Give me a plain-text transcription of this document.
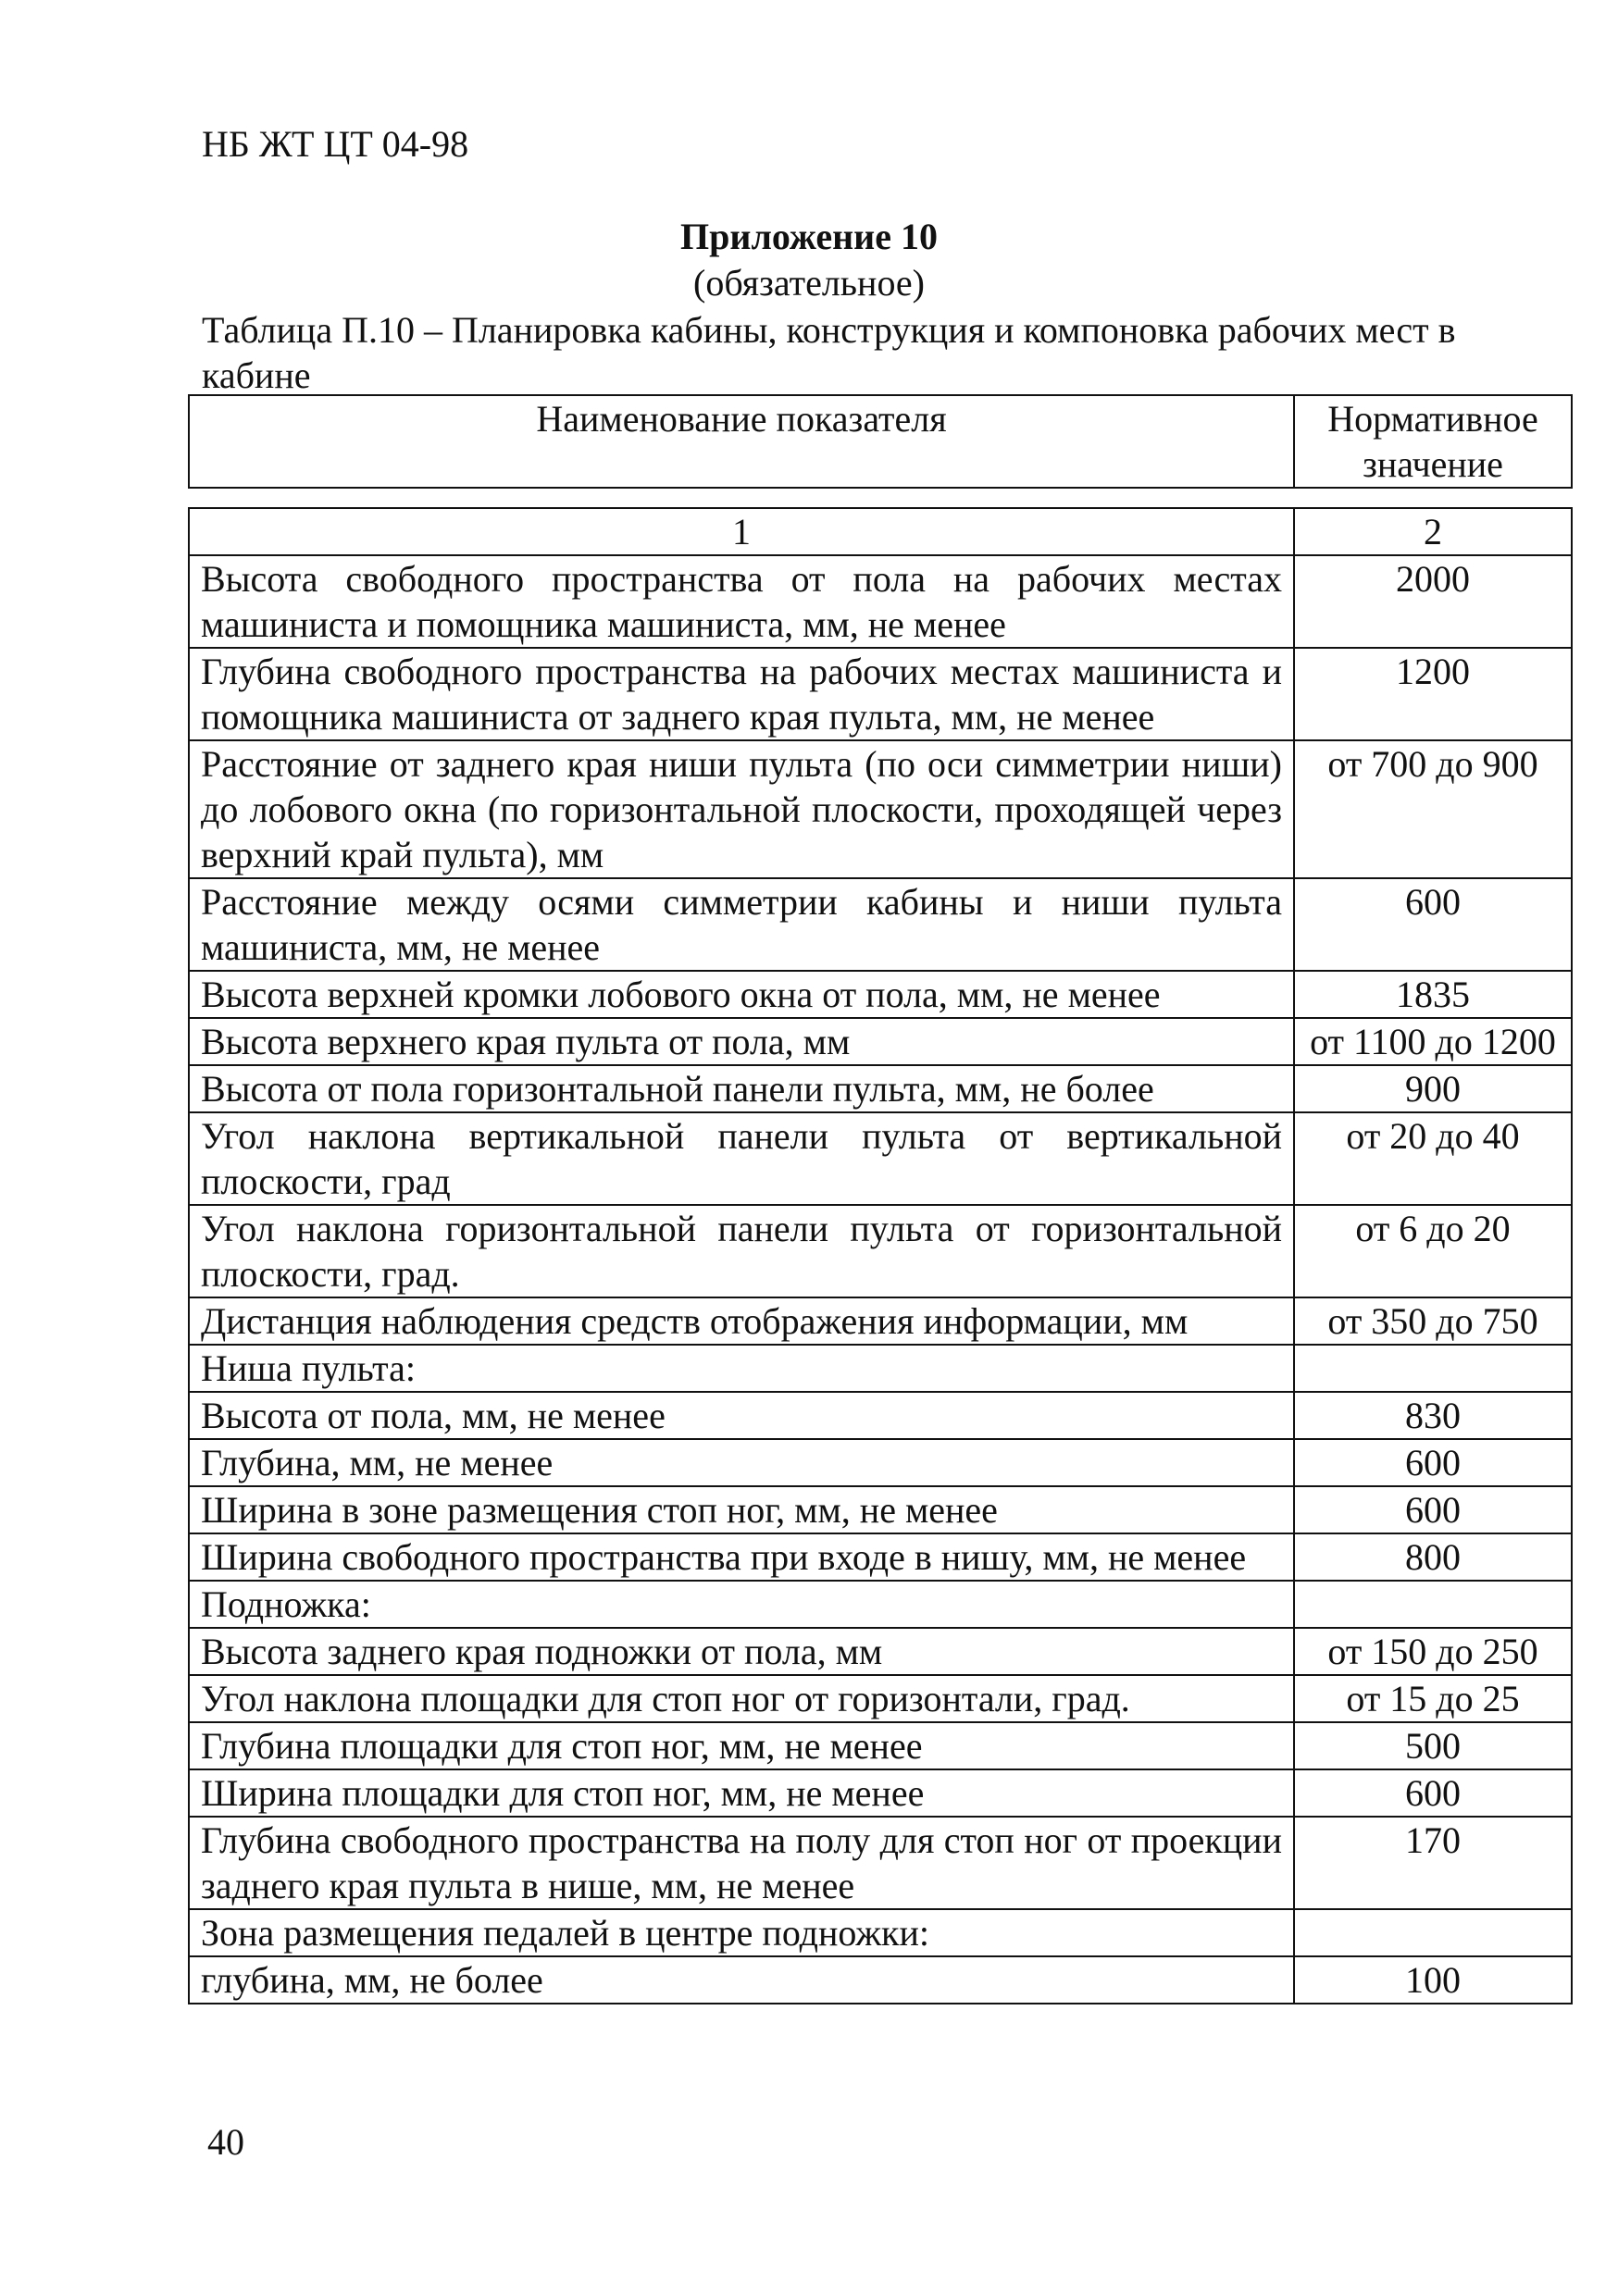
НБ ЖТ ЦТ 04-98
Приложение 10
(обязательное)
Таблица П.10 – Планировка кабины, конструкция и компоновка рабочих мест в кабине
Наименование показателя	Нормативное значение
1	2
Высота свободного пространства от пола на рабочих местах машиниста и помощника машиниста, мм, не менее	2000
Глубина свободного пространства на рабочих местах машиниста и помощника машиниста от заднего края пульта, мм, не менее	1200
Расстояние от заднего края ниши пульта (по оси симметрии ниши) до лобового окна (по горизонтальной плоскости, проходящей через верхний край пульта), мм	от 700 до 900
Расстояние между осями симметрии кабины и ниши пульта машиниста, мм, не менее	600
Высота верхней кромки лобового окна от пола, мм, не менее	1835
Высота верхнего края пульта от пола, мм	от 1100 до 1200
Высота от пола горизонтальной панели пульта, мм, не более	900
Угол наклона вертикальной панели пульта от вертикальной плоскости, град	от 20 до 40
Угол наклона горизонтальной панели пульта от горизонтальной плоскости, град.	от 6 до 20
Дистанция наблюдения средств отображения информации, мм	от 350 до 750
Ниша пульта:	
Высота от пола, мм, не менее	830
Глубина, мм, не менее	600
Ширина в зоне размещения стоп ног, мм, не менее	600
Ширина свободного пространства при входе в нишу, мм, не менее	800
Подножка:	
Высота заднего края подножки от пола, мм	от 150 до 250
Угол наклона площадки для стоп ног от горизонтали, град.	от 15 до 25
Глубина площадки для стоп ног, мм, не менее	500
Ширина площадки для стоп ног, мм, не менее	600
Глубина свободного пространства на полу для стоп ног от проекции заднего края пульта в нише, мм, не менее	170
Зона размещения педалей в центре подножки:	
глубина, мм, не более	100
40
